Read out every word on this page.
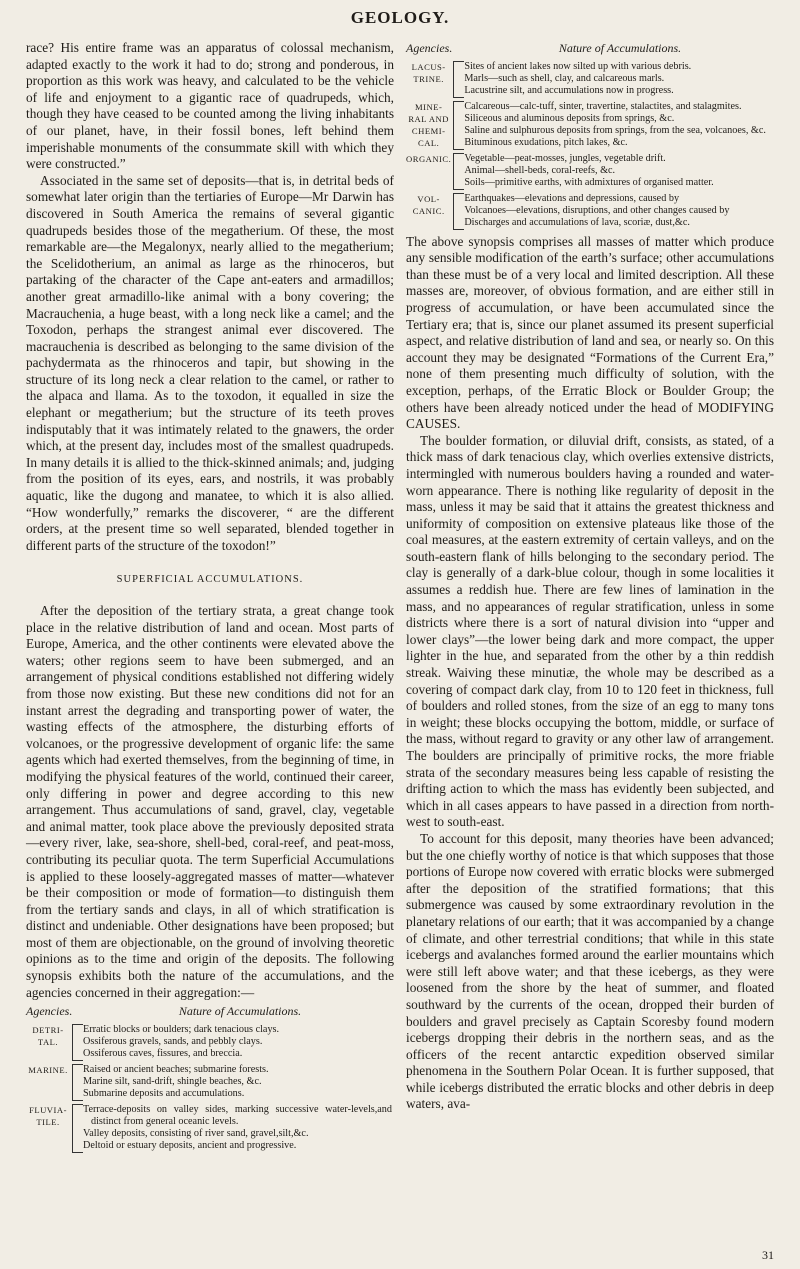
GEOLOGY.

race? His entire frame was an apparatus of colossal mechanism, adapted exactly to the work it had to do; strong and ponderous, in proportion as this work was heavy, and calculated to be the vehicle of life and enjoyment to a gigantic race of quadrupeds, which, though they have ceased to be counted among the living inhabitants of our planet, have, in their fossil bones, left behind them imperishable monuments of the consummate skill with which they were constructed.”

Associated in the same set of deposits—that is, in detrital beds of somewhat later origin than the tertiaries of Europe—Mr Darwin has discovered in South America the remains of several gigantic quadrupeds besides those of the megatherium. Of these, the most remarkable are—the Megalonyx, nearly allied to the megatherium; the Scelidotherium, an animal as large as the rhinoceros, but partaking of the character of the Cape ant-eaters and armadillos; another great armadillo-like animal with a bony covering; the Macrauchenia, a huge beast, with a long neck like a camel; and the Toxodon, perhaps the strangest animal ever discovered. The macrauchenia is described as belonging to the same division of the pachydermata as the rhinoceros and tapir, but showing in the structure of its long neck a clear relation to the camel, or rather to the alpaca and llama. As to the toxodon, it equalled in size the elephant or megatherium; but the structure of its teeth proves indisputably that it was intimately related to the gnawers, the order which, at the present day, includes most of the smallest quadrupeds. In many details it is allied to the thick-skinned animals; and, judging from the position of its eyes, ears, and nostrils, it was probably aquatic, like the dugong and manatee, to which it is also allied. “How wonderfully,” remarks the discoverer, “ are the different orders, at the present time so well separated, blended together in different parts of the structure of the toxodon!”

SUPERFICIAL ACCUMULATIONS.

After the deposition of the tertiary strata, a great change took place in the relative distribution of land and ocean. Most parts of Europe, America, and the other continents were elevated above the waters; other regions seem to have been submerged, and an arrangement of physical conditions established not differing widely from those now existing. But these new conditions did not for an instant arrest the degrading and transporting power of water, the wasting effects of the atmosphere, the disturbing efforts of volcanoes, or the progressive development of organic life: the same agents which had exerted themselves, from the beginning of time, in modifying the physical features of the world, continued their career, only differing in power and degree according to this new arrangement. Thus accumulations of sand, gravel, clay, vegetable and animal matter, took place above the previously deposited strata —every river, lake, sea-shore, shell-bed, coral-reef, and peat-moss, contributing its peculiar quota. The term Superficial Accumulations is applied to these loosely-aggregated masses of matter—whatever be their composition or mode of formation—to distinguish them from the tertiary sands and clays, in all of which stratification is distinct and undeniable. Other designations have been proposed; but most of them are objectionable, on the ground of involving theoretic opinions as to the time and origin of the deposits. The following synopsis exhibits both the nature of the accumulations, and the agencies concerned in their aggregation:—

Agencies.	Nature of Accumulations.
DETRI-TAL.		Erratic blocks or boulders; dark tenacious clays.
Ossiferous gravels, sands, and pebbly clays.
Ossiferous caves, fissures, and breccia.

MARINE.		Raised or ancient beaches; submarine forests.
Marine silt, sand-drift, shingle beaches, &c.
Submarine deposits and accumulations.

FLUVIA-TILE.		Terrace-deposits on valley sides, marking successive water-levels,and distinct from general oceanic levels.
Valley deposits, consisting of river sand, gravel,silt,&c.
Deltoid or estuary deposits, ancient and progressive.
Agencies.	Nature of Accumulations.
LACUS-TRINE.		Sites of ancient lakes now silted up with various debris.
Marls—such as shell, clay, and calcareous marls.
Lacustrine silt, and accumulations now in progress.

MINE-RAL AND CHEMI-CAL.		Calcareous—calc-tuff, sinter, travertine, stalactites, and stalagmites.
Siliceous and aluminous deposits from springs, &c.
Saline and sulphurous deposits from springs, from the sea, volcanoes, &c.
Bituminous exudations, pitch lakes, &c.

ORGANIC.		Vegetable—peat-mosses, jungles, vegetable drift.
Animal—shell-beds, coral-reefs, &c.
Soils—primitive earths, with admixtures of organised matter.

VOL-CANIC.		Earthquakes—elevations and depressions, caused by
Volcanoes—elevations, disruptions, and other changes caused by
Discharges and accumulations of lava, scoriæ, dust,&c.

The above synopsis comprises all masses of matter which produce any sensible modification of the earth’s surface; other accumulations than these must be of a very local and limited description. All these masses are, moreover, of obvious formation, and are either still in progress of accumulation, or have been accumulated since the Tertiary era; that is, since our planet assumed its present superficial aspect, and relative distribution of land and sea, or nearly so. On this account they may be designated “Formations of the Current Era,” none of them presenting much difficulty of solution, with the exception, perhaps, of the Erratic Block or Boulder Group; the others have been already noticed under the head of MODIFYING CAUSES.

The boulder formation, or diluvial drift, consists, as stated, of a thick mass of dark tenacious clay, which overlies extensive districts, intermingled with numerous boulders having a rounded and water-worn appearance. There is nothing like regularity of deposit in the mass, unless it may be said that it attains the greatest thickness and uniformity of composition on extensive plateaus like those of the coal measures, at the eastern extremity of certain valleys, and on the south-eastern flank of hills belonging to the secondary period. The clay is generally of a dark-blue colour, though in some localities it assumes a reddish hue. There are few lines of lamination in the mass, and no appearances of regular stratification, unless in some districts where there is a sort of natural division into “upper and lower clays”—the lower being dark and more compact, the upper lighter in the hue, and separated from the other by a thin reddish streak. Waiving these minutiæ, the whole may be described as a covering of compact dark clay, from 10 to 120 feet in thickness, full of boulders and rolled stones, from the size of an egg to many tons in weight; these blocks occupying the bottom, middle, or surface of the mass, without regard to gravity or any other law of arrangement. The boulders are principally of primitive rocks, the more friable strata of the secondary measures being less capable of resisting the drifting action to which the mass has evidently been subjected, and which in all cases appears to have passed in a direction from north-west to south-east.

To account for this deposit, many theories have been advanced; but the one chiefly worthy of notice is that which supposes that those portions of Europe now covered with erratic blocks were submerged after the deposition of the stratified formations; that this submergence was caused by some extraordinary revolution in the planetary relations of our earth; that it was accompanied by a change of climate, and other terrestrial conditions; that while in this state icebergs and avalanches formed around the earlier mountains which were still left above water; and that these icebergs, as they were loosened from the shore by the heat of summer, and floated southward by the currents of the ocean, dropped their burden of boulders and gravel precisely as Captain Scoresby found modern icebergs dropping their debris in the northern seas, and as the officers of the recent antarctic expedition observed similar phenomena in the Southern Polar Ocean. It is further supposed, that while icebergs distributed the erratic blocks and other debris in deep waters, ava-

31
